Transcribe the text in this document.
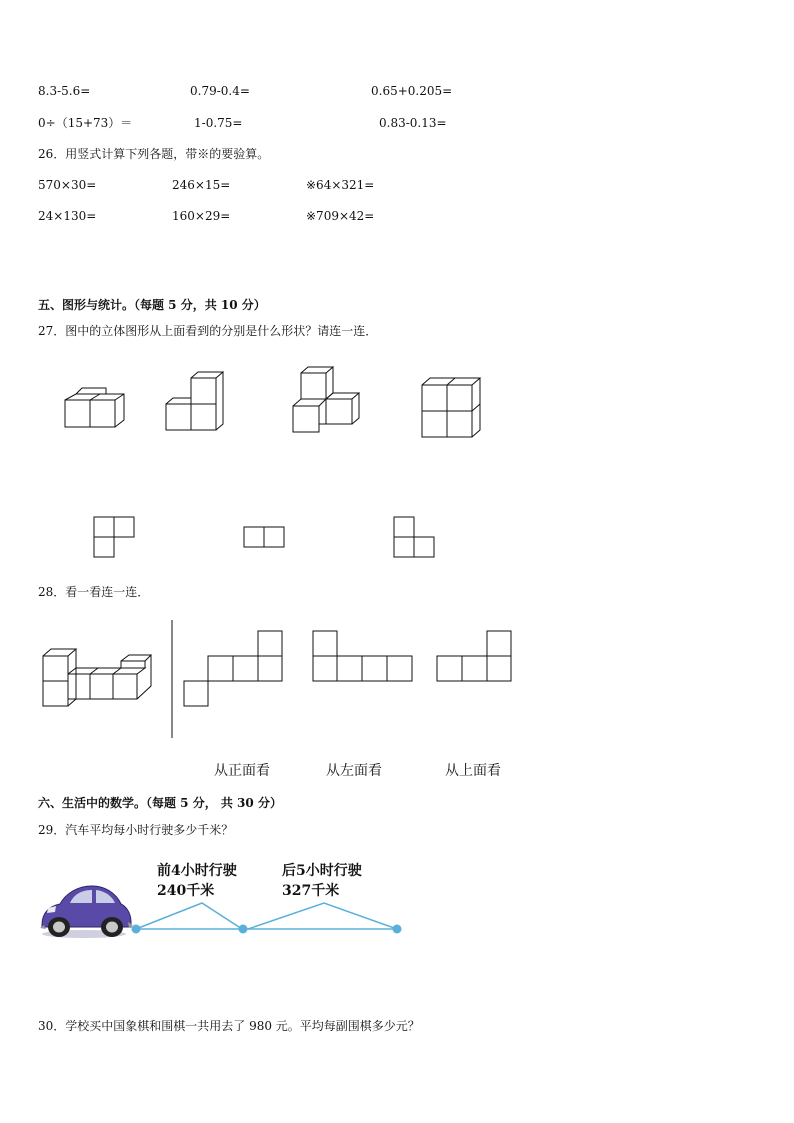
8.3-5.6=	0.79-0.4=	0.65+0.205=
0÷（15+73）＝	1-0.75=	0.83-0.13=
26．用竖式计算下列各题，带※的要验算。
570×30=	246×15=	※64×321=
24×130=	160×29=	※709×42=
五、图形与统计。（每题 5 分，共 10 分）
27．图中的立体图形从上面看到的分别是什么形状？请连一连．
28．看一看连一连．
从正面看	从左面看	从上面看
六、生活中的数学。（每题 5 分， 共 30 分）
29．汽车平均每小时行驶多少千米？
前4小时行驶
240千米
后5小时行驶
327千米
30．学校买中国象棋和围棋一共用去了 980 元。平均每副围棋多少元？
